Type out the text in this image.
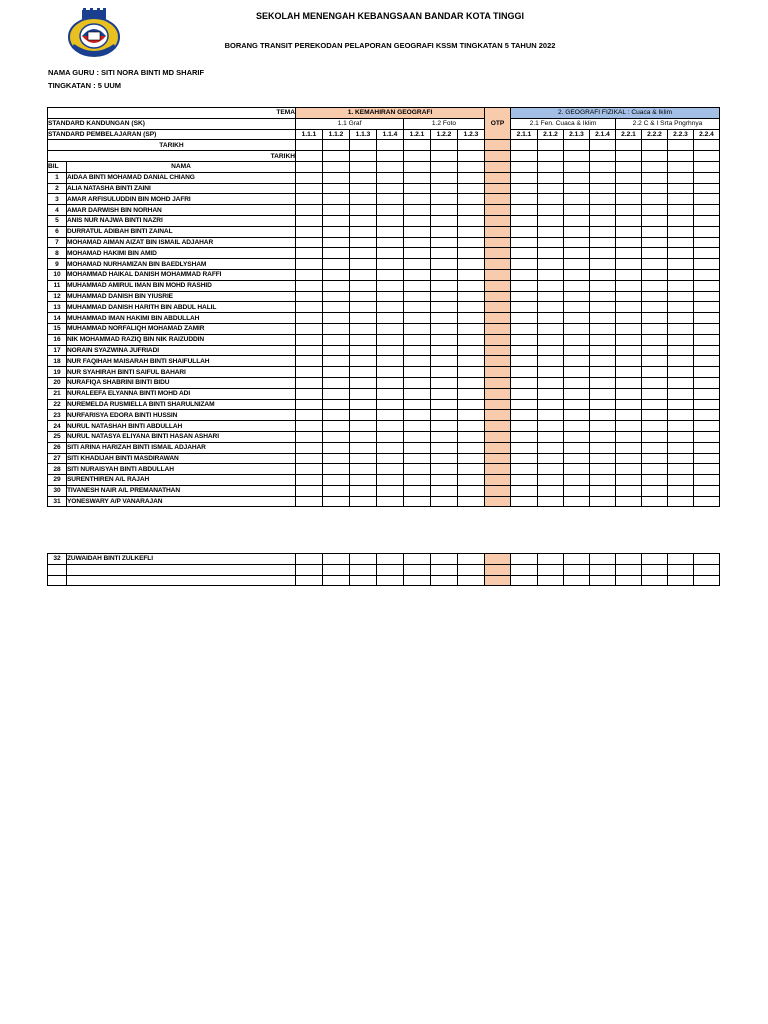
SEKOLAH MENENGAH KEBANGSAAN BANDAR KOTA TINGGI
BORANG TRANSIT PEREKODAN PELAPORAN GEOGRAFI KSSM TINGKATAN 5 TAHUN 2022
NAMA GURU : SITI NORA BINTI MD SHARIF
TINGKATAN : 5 UUM
TEMA		1. KEMAHIRAN GEOGRAFI							OTP	2. GEOGRAFI FIZIKAL : Cuaca & Iklim							
STANDARD KANDUNGAN (SK)		1.1 Graf				1.2 Foto				2.1 Fen. Cuaca & Iklim				2.2 C & I Srta Pngrhnya			
STANDARD PEMBELAJARAN (SP)		1.1.1	1.1.2	1.1.3	1.1.4	1.2.1	1.2.2	1.2.3		2.1.1	2.1.2	2.1.3	2.1.4	2.2.1	2.2.2	2.2.3	2.2.4
TARIKH																	
TARIKH																	
BIL	NAMA																
1	AIDAA BINTI MOHAMAD DANIAL CHIANG																
2	ALIA NATASHA BINTI ZAINI																
3	AMAR ARFISULUDDIN BIN MOHD JAFRI																
4	AMAR DARWISH BIN NORHAN																
5	ANIS NUR NAJWA BINTI NAZRI																
6	DURRATUL ADIBAH BINTI ZAINAL																
7	MOHAMAD AIMAN AIZAT BIN ISMAIL ADJAHAR																
8	MOHAMAD HAKIMI BIN AMID																
9	MOHAMAD NURHAMIZAN BIN BAEDLYSHAM																
10	MOHAMMAD HAIKAL DANISH MOHAMMAD RAFFI																
11	MUHAMMAD AMIRUL IMAN BIN MOHD RASHID																
12	MUHAMMAD DANISH BIN YIUSRIE																
13	MUHAMMAD DANISH HARITH BIN ABDUL HALIL																
14	MUHAMMAD IMAN HAKIMI BIN ABDULLAH																
15	MUHAMMAD NORFALIQH MOHAMAD ZAMIR																
16	NIK MOHAMMAD RAZIQ BIN NIK RAIZUDDIN																
17	NORAIN SYAZWINA JUFRIADI																
18	NUR FAQIHAH MAISARAH BINTI SHAIFULLAH																
19	NUR SYAHIRAH BINTI SAIFUL BAHARI																
20	NURAFIQA SHABRINI BINTI BIDU																
21	NURALEEFA ELYANNA BINTI MOHD ADI																
22	NUREMELDA RUSMIELLA BINTI SHARULNIZAM																
23	NURFARISYA EDORA BINTI HUSSIN																
24	NURUL NATASHAH BINTI ABDULLAH																
25	NURUL NATASYA ELIYANA BINTI HASAN ASHARI																
26	SITI ARINA HARIZAH BINTI ISMAIL ADJAHAR																
27	SITI KHADIJAH BINTI MASDIRAWAN																
28	SITI NURAISYAH BINTI ABDULLAH																
29	SURENTHIREN A/L RAJAH																
30	TIVANESH NAIR A/L PREMANATHAN																
31	YONESWARY A/P VANARAJAN																
32	ZUWAIDAH BINTI ZULKEFLI																
